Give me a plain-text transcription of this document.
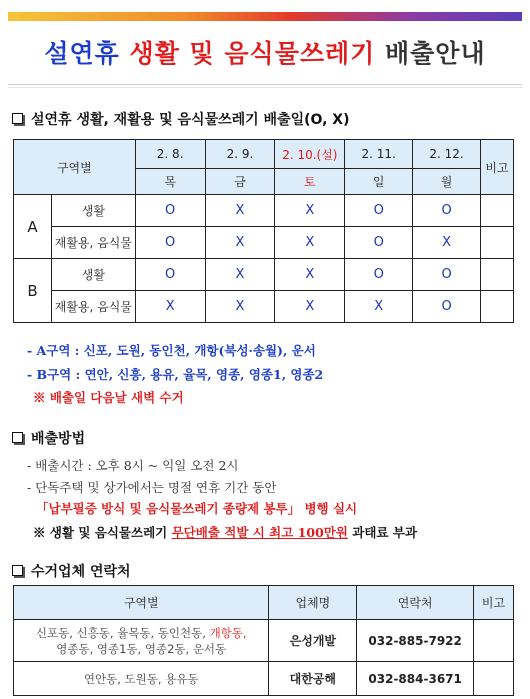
설연휴 생활 및 음식물쓰레기 배출안내
설연휴 생활, 재활용 및 음식물쓰레기 배출일(O, X)
구역별		2. 8.	2. 9.	2. 10.(설)	2. 11.	2. 12.	비고
		목	금	토	일	월	
A	생활	O	X	X	O	O	
	재활용, 음식물	O	X	X	O	X	
B	생활	O	X	X	O	O	
	재활용, 음식물	X	X	X	X	O	
- A구역 : 신포, 도원, 동인천, 개항(북성·송월), 운서
- B구역 : 연안, 신흥, 용유, 율목, 영종, 영종1, 영종2
※ 배출일 다음날 새벽 수거
배출방법
- 배출시간 : 오후 8시 ~ 익일 오전 2시
- 단독주택 및 상가에서는 명절 연휴 기간 동안
「납부필증 방식 및 음식물쓰레기 종량제 봉투」 병행 실시
※ 생활 및 음식물쓰레기 무단배출 적발 시 최고 100만원 과태료 부과
수거업체 연락처
구역별	업체명	연락처	비고
신포동, 신흥동, 율목동, 동인천동, 개항동,
영종동, 영종1동, 영종2동, 운서동	은성개발	032-885-7922	
연안동, 도원동, 용유동	대한공해	032-884-3671	
